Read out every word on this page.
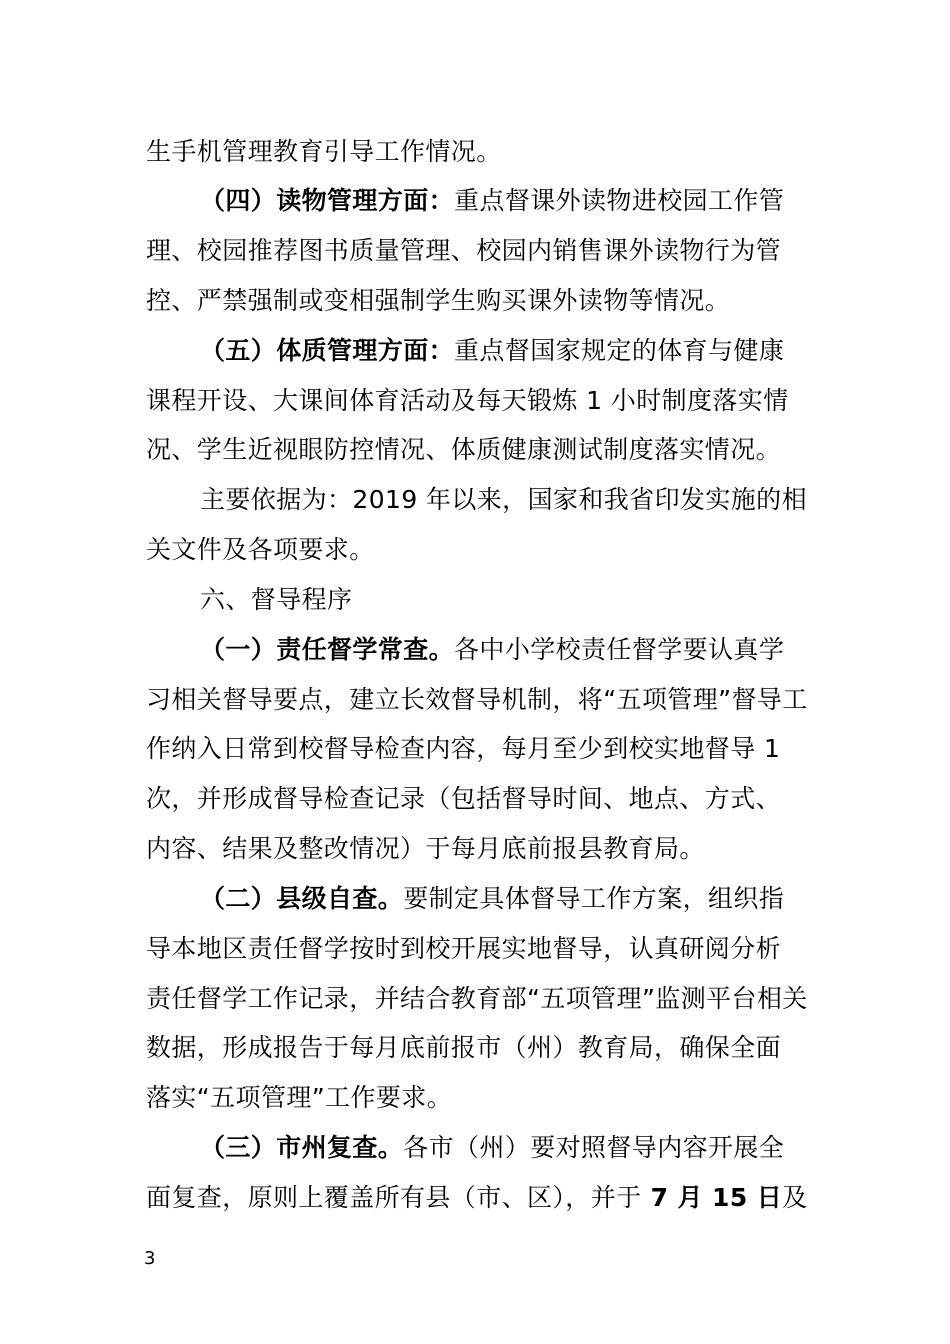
生手机管理教育引导工作情况。
（四）读物管理方面：重点督课外读物进校园工作管
理、校园推荐图书质量管理、校园内销售课外读物行为管
控、严禁强制或变相强制学生购买课外读物等情况。
（五）体质管理方面：重点督国家规定的体育与健康
课程开设、大课间体育活动及每天锻炼 1 小时制度落实情
况、学生近视眼防控情况、体质健康测试制度落实情况。
主要依据为：2019 年以来，国家和我省印发实施的相
关文件及各项要求。
六、督导程序
（一）责任督学常查。各中小学校责任督学要认真学
习相关督导要点，建立长效督导机制，将“五项管理”督导工
作纳入日常到校督导检查内容，每月至少到校实地督导 1
次，并形成督导检查记录（包括督导时间、地点、方式、
内容、结果及整改情况）于每月底前报县教育局。
（二）县级自查。要制定具体督导工作方案，组织指
导本地区责任督学按时到校开展实地督导，认真研阅分析
责任督学工作记录，并结合教育部“五项管理”监测平台相关
数据，形成报告于每月底前报市（州）教育局，确保全面
落实“五项管理”工作要求。
（三）市州复查。各市（州）要对照督导内容开展全
面复查，原则上覆盖所有县（市、区），并于 7 月 15 日及
3
